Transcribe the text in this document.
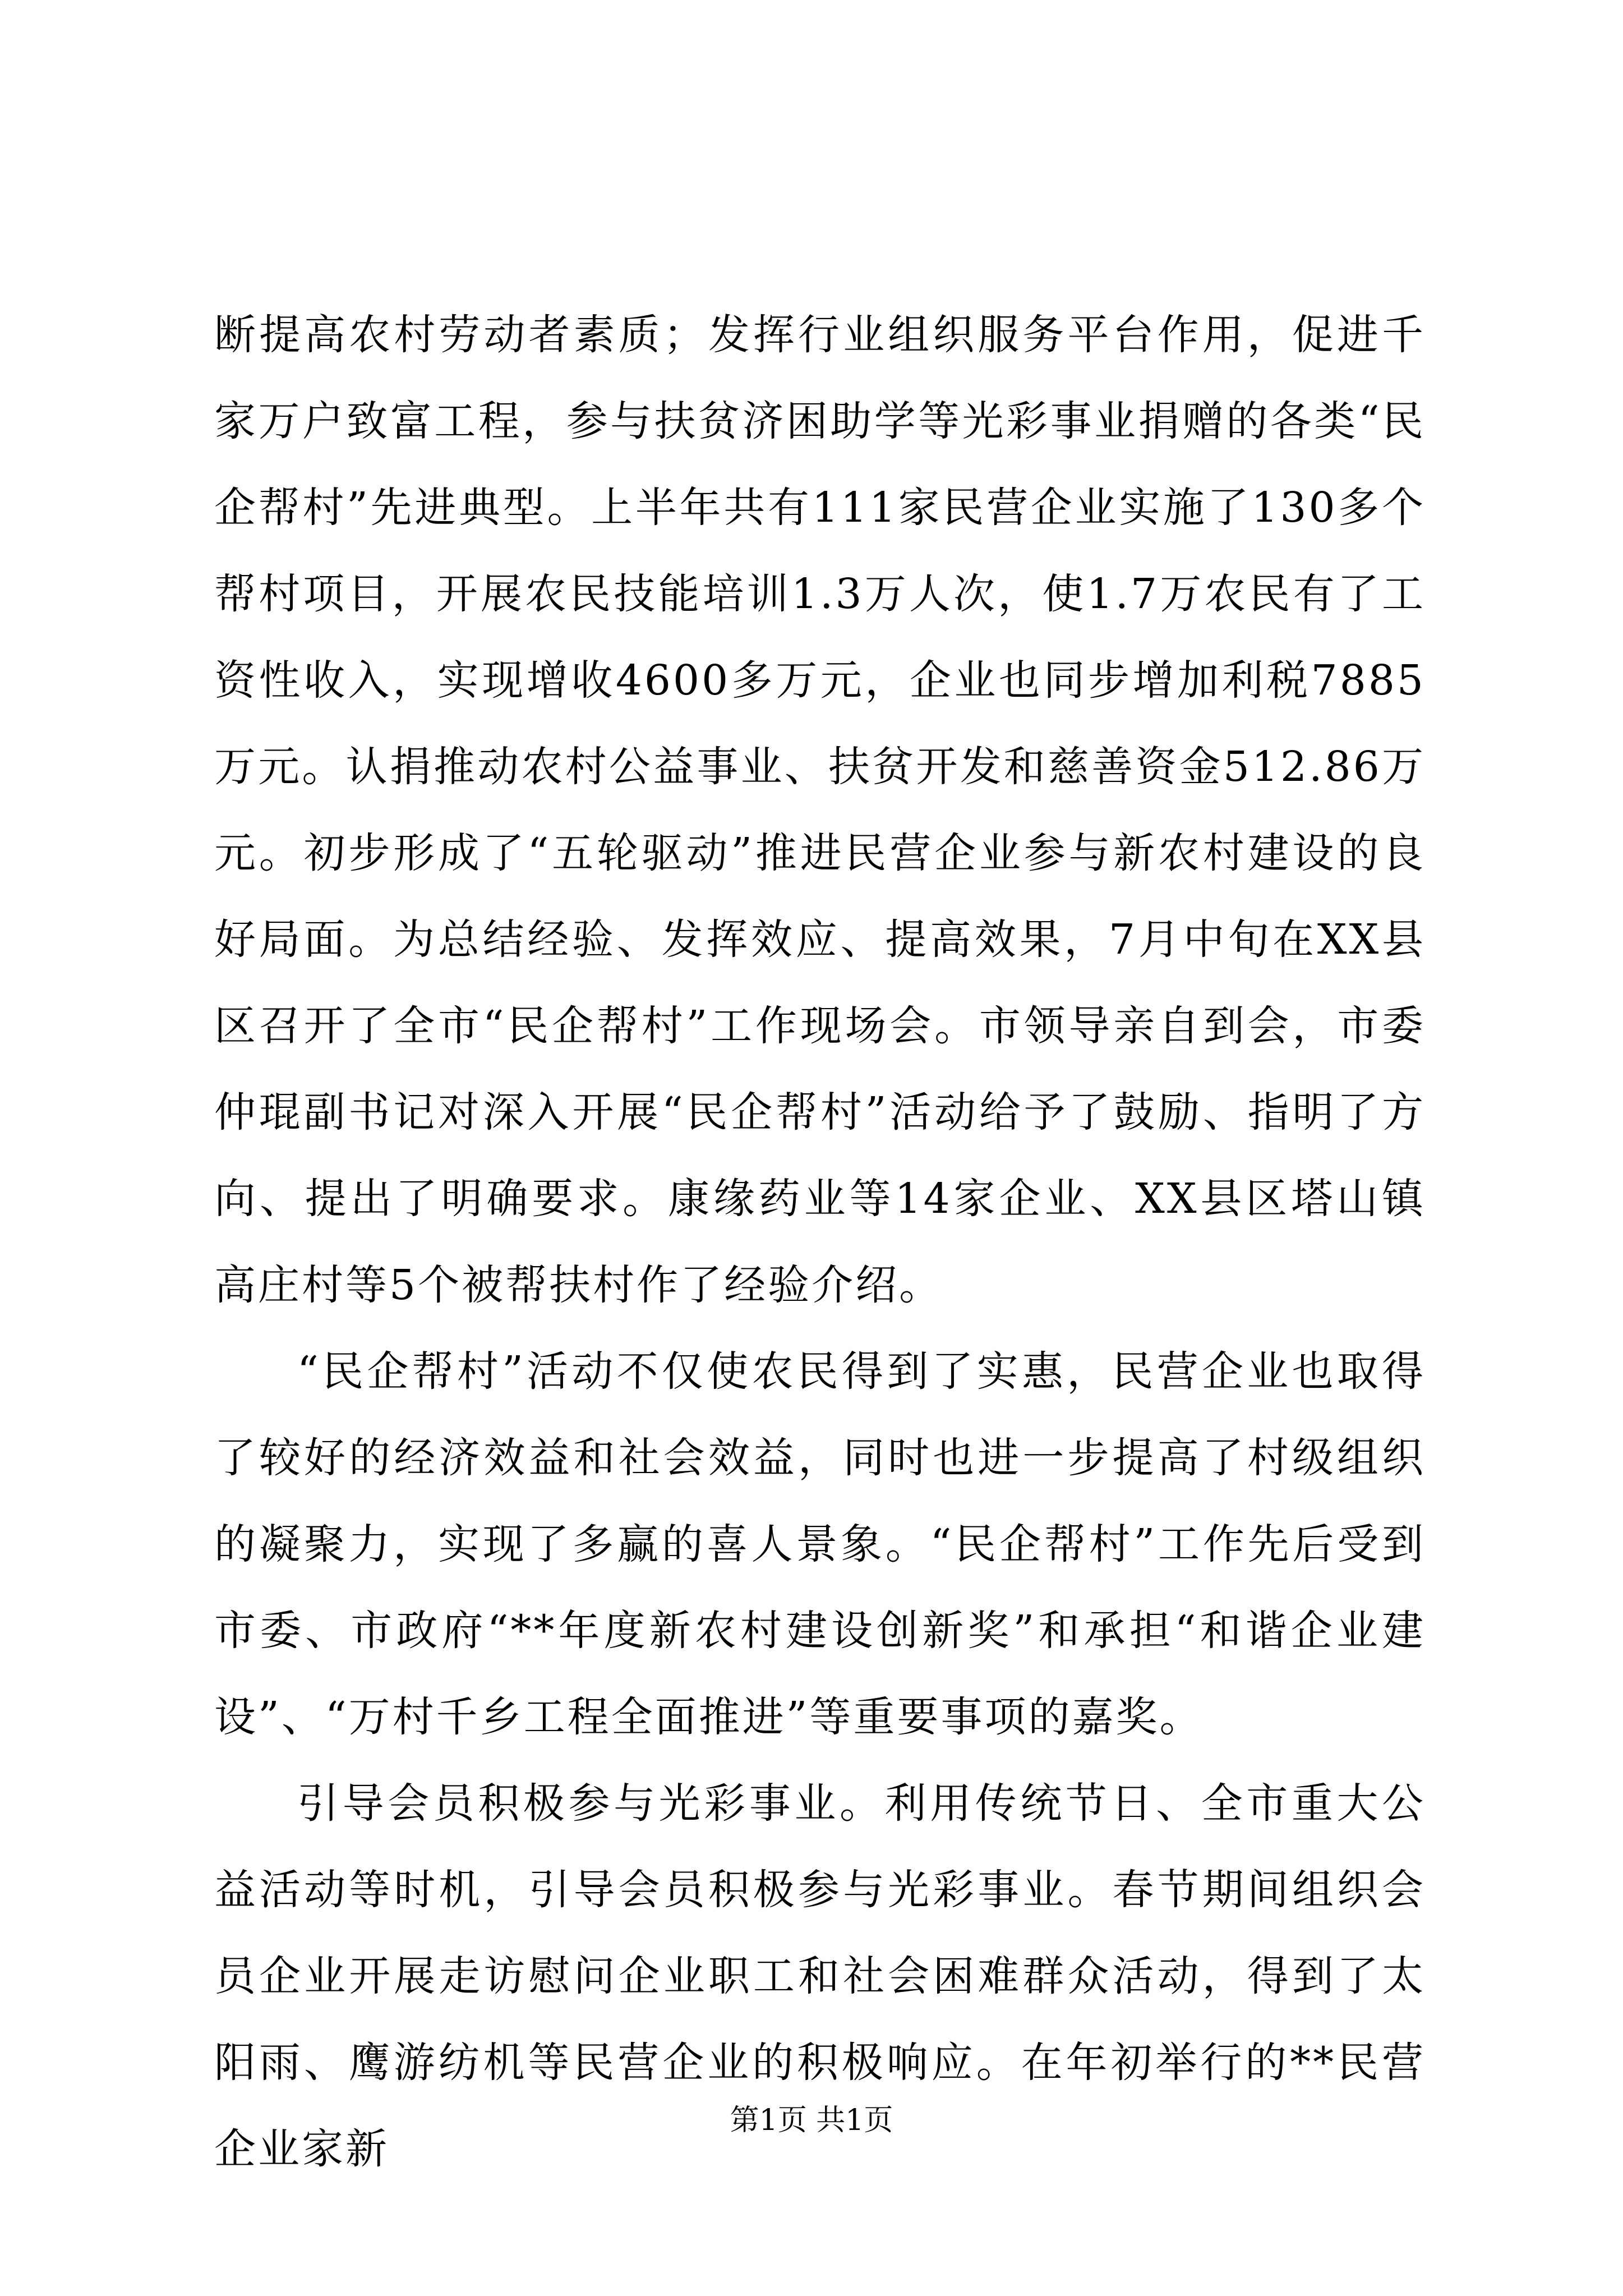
断提高农村劳动者素质；发挥行业组织服务平台作用，促进千家万户致富工程，参与扶贫济困助学等光彩事业捐赠的各类“民企帮村”先进典型。上半年共有111家民营企业实施了130多个帮村项目，开展农民技能培训1.3万人次，使1.7万农民有了工资性收入，实现增收4600多万元，企业也同步增加利税7885万元。认捐推动农村公益事业、扶贫开发和慈善资金512.86万元。初步形成了“五轮驱动”推进民营企业参与新农村建设的良好局面。为总结经验、发挥效应、提高效果，7月中旬在XX县区召开了全市“民企帮村”工作现场会。市领导亲自到会，市委仲琨副书记对深入开展“民企帮村”活动给予了鼓励、指明了方向、提出了明确要求。康缘药业等14家企业、XX县区塔山镇高庄村等5个被帮扶村作了经验介绍。

“民企帮村”活动不仅使农民得到了实惠，民营企业也取得了较好的经济效益和社会效益，同时也进一步提高了村级组织的凝聚力，实现了多赢的喜人景象。“民企帮村”工作先后受到市委、市政府“**年度新农村建设创新奖”和承担“和谐企业建设”、“万村千乡工程全面推进”等重要事项的嘉奖。

引导会员积极参与光彩事业。利用传统节日、全市重大公益活动等时机，引导会员积极参与光彩事业。春节期间组织会员企业开展走访慰问企业职工和社会困难群众活动，得到了太阳雨、鹰游纺机等民营企业的积极响应。在年初举行的**民营企业家新

第1页 共1页
